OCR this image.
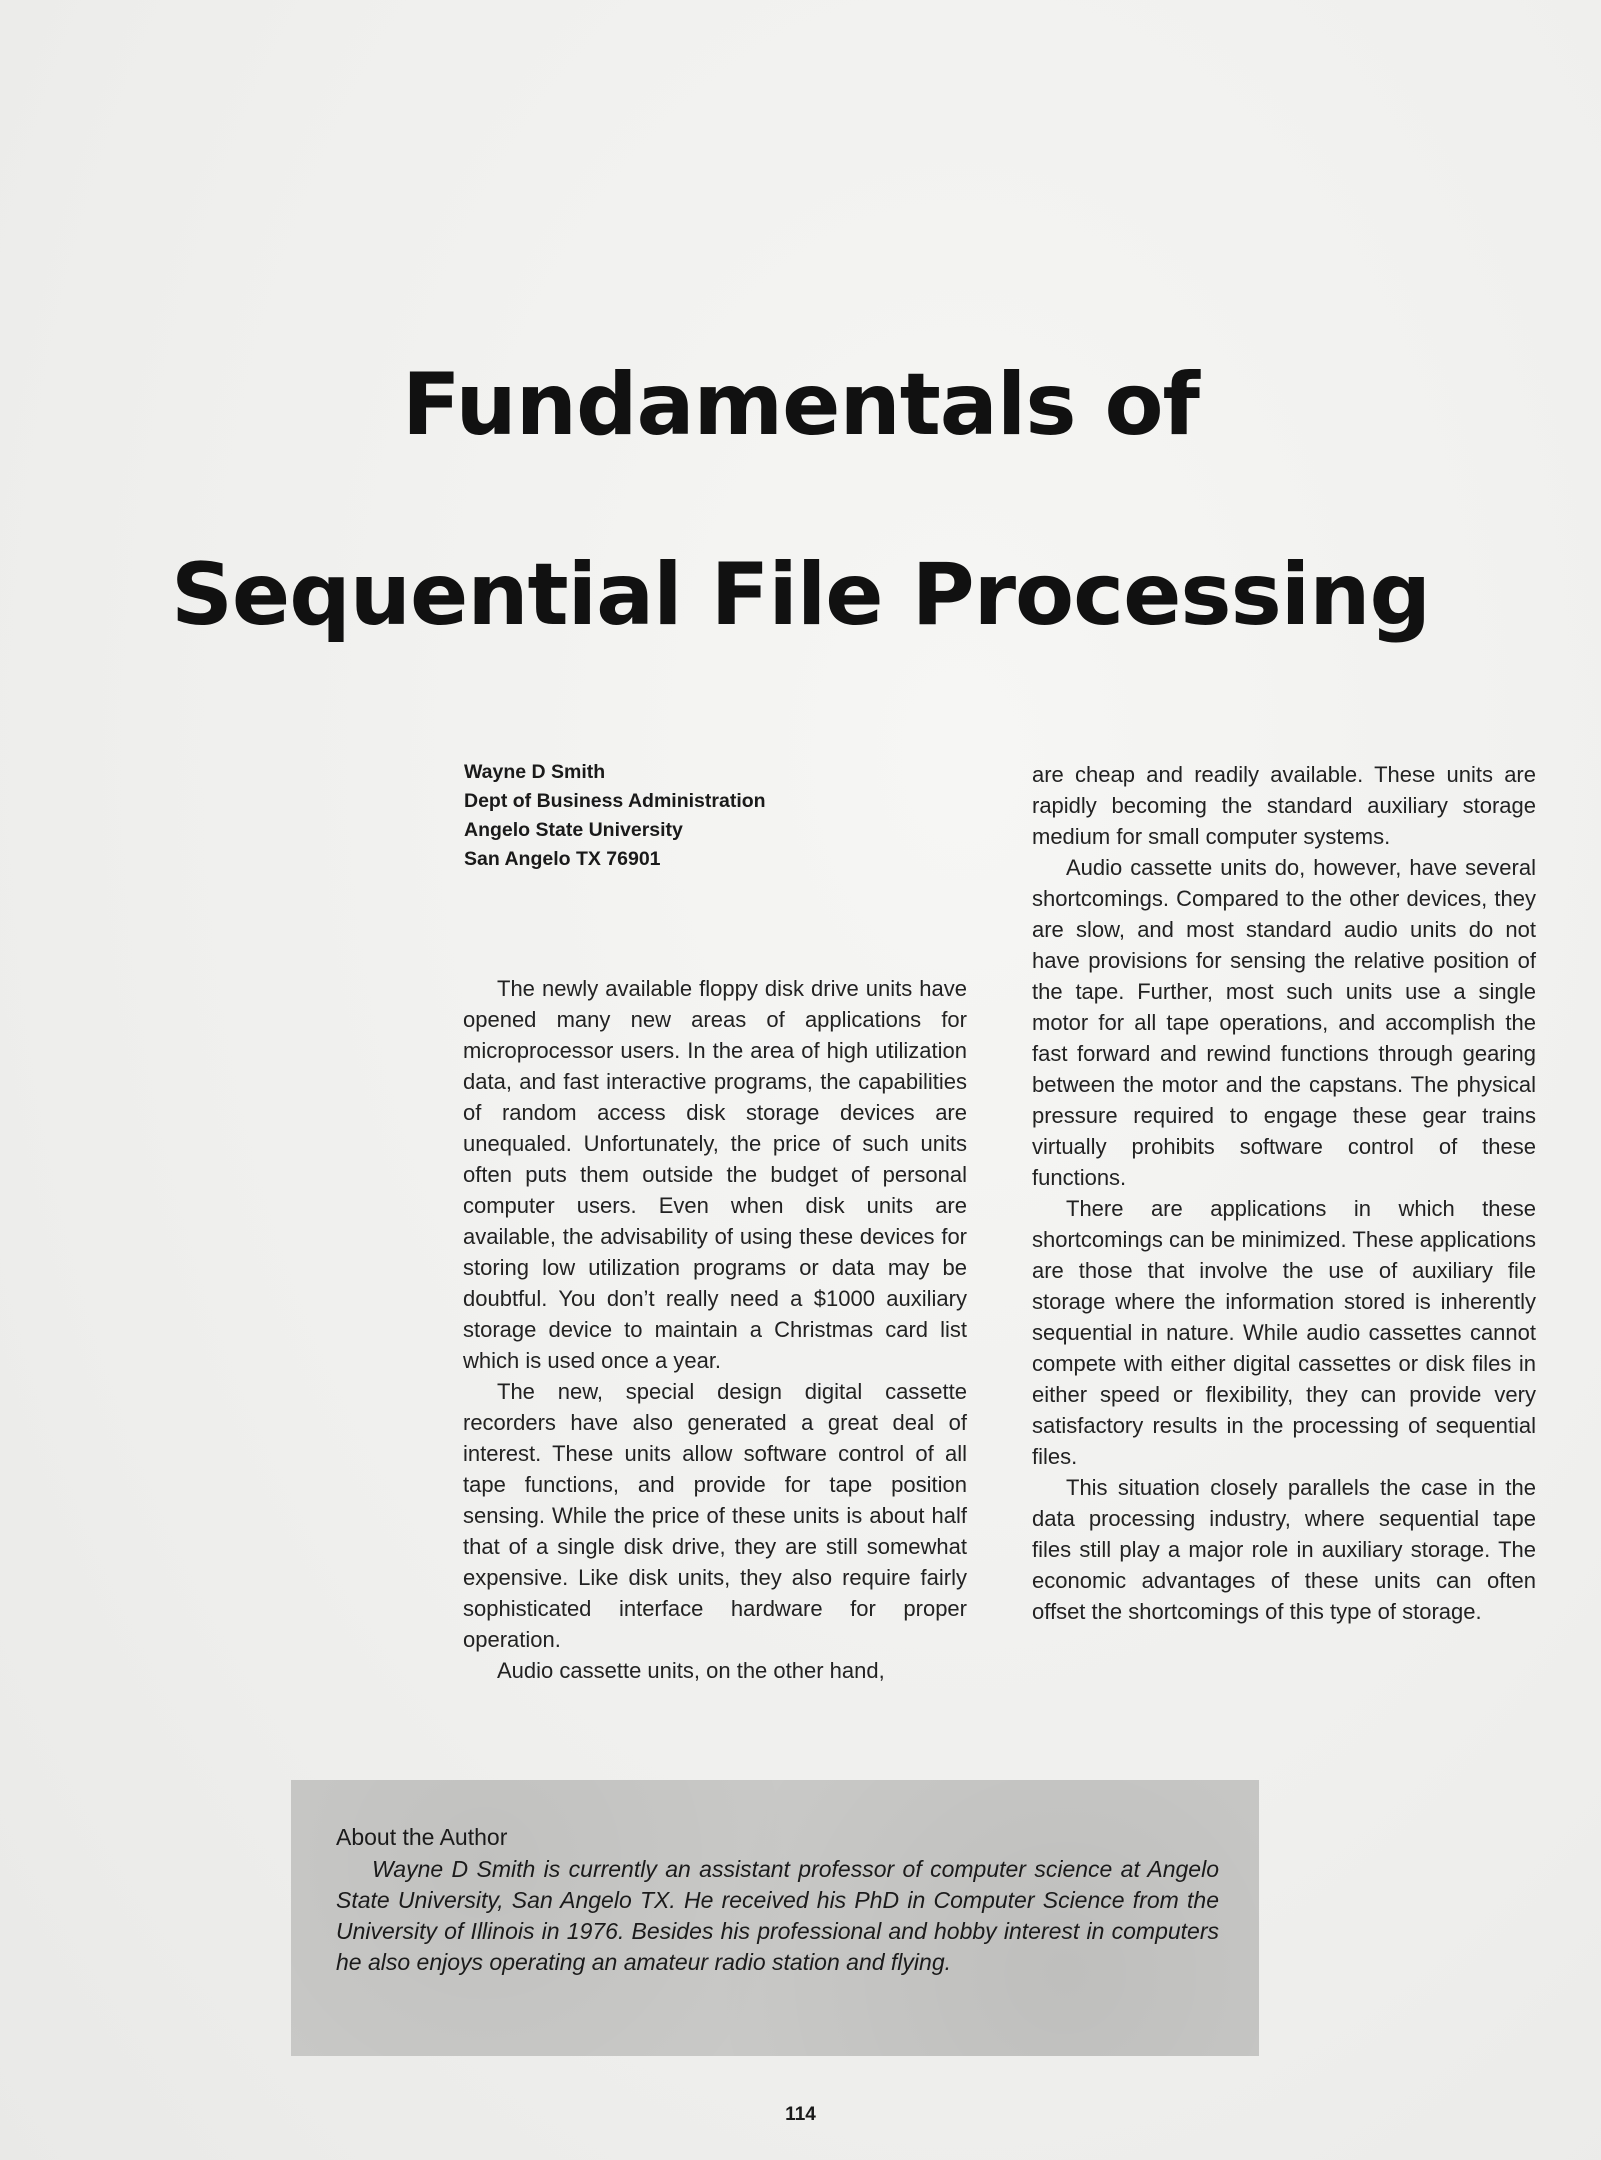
Fundamentals of
Sequential File Processing
Wayne D Smith
Dept of Business Administration
Angelo State University
San Angelo TX 76901

The newly available floppy disk drive units have opened many new areas of applications for microprocessor users. In the area of high utilization data, and fast interactive programs, the capabilities of random access disk storage devices are unequaled. Unfortunately, the price of such units often puts them outside the budget of personal computer users. Even when disk units are available, the advisability of using these devices for storing low utilization programs or data may be doubtful. You don’t really need a $1000 auxiliary storage device to maintain a Christmas card list which is used once a year.

The new, special design digital cassette recorders have also generated a great deal of interest. These units allow software control of all tape functions, and provide for tape position sensing. While the price of these units is about half that of a single disk drive, they are still somewhat expensive. Like disk units, they also require fairly sophisticated interface hardware for proper operation.

Audio cassette units, on the other hand,

are cheap and readily available. These units are rapidly becoming the standard auxiliary storage medium for small computer systems.

Audio cassette units do, however, have several shortcomings. Compared to the other devices, they are slow, and most standard audio units do not have provisions for sensing the relative position of the tape. Further, most such units use a single motor for all tape operations, and accomplish the fast forward and rewind functions through gearing between the motor and the capstans. The physical pressure required to engage these gear trains virtually prohibits software control of these functions.

There are applications in which these shortcomings can be minimized. These applications are those that involve the use of auxiliary file storage where the information stored is inherently sequential in nature. While audio cassettes cannot compete with either digital cassettes or disk files in either speed or flexibility, they can provide very satisfactory results in the processing of sequential files.

This situation closely parallels the case in the data processing industry, where sequential tape files still play a major role in auxiliary storage. The economic advantages of these units can often offset the shortcomings of this type of storage.

About the Author

Wayne D Smith is currently an assistant professor of computer science at Angelo State University, San Angelo TX. He received his PhD in Computer Science from the University of Illinois in 1976. Besides his professional and hobby interest in computers he also enjoys operating an amateur radio station and flying.

114
